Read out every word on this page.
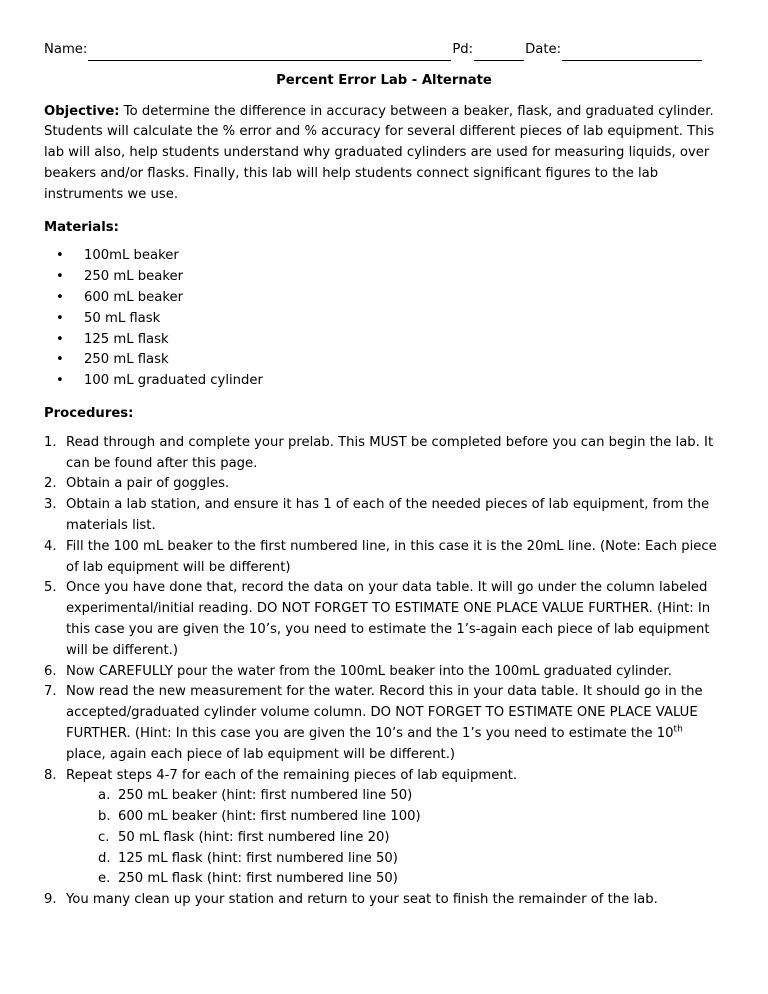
Name:	Pd:	Date:
Percent Error Lab - Alternate

Objective: To determine the difference in accuracy between a beaker, flask, and graduated cylinder. Students will calculate the % error and % accuracy for several different pieces of lab equipment. This lab will also, help students understand why graduated cylinders are used for measuring liquids, over beakers and/or flasks. Finally, this lab will help students connect significant figures to the lab instruments we use.

Materials:
• 100mL beaker
• 250 mL beaker
• 600 mL beaker
• 50 mL flask
• 125 mL flask
• 250 mL flask
• 100 mL graduated cylinder
Procedures:
1. Read through and complete your prelab. This MUST be completed before you can begin the lab. It can be found after this page.
2. Obtain a pair of goggles.
3. Obtain a lab station, and ensure it has 1 of each of the needed pieces of lab equipment, from the materials list.
4. Fill the 100 mL beaker to the first numbered line, in this case it is the 20mL line. (Note: Each piece of lab equipment will be different)
5. Once you have done that, record the data on your data table. It will go under the column labeled experimental/initial reading. DO NOT FORGET TO ESTIMATE ONE PLACE VALUE FURTHER. (Hint: In this case you are given the 10’s, you need to estimate the 1’s-again each piece of lab equipment will be different.)
6. Now CAREFULLY pour the water from the 100mL beaker into the 100mL graduated cylinder.
7. Now read the new measurement for the water. Record this in your data table. It should go in the accepted/graduated cylinder volume column. DO NOT FORGET TO ESTIMATE ONE PLACE VALUE FURTHER. (Hint: In this case you are given the 10’s and the 1’s you need to estimate the 10th place, again each piece of lab equipment will be different.)
8. Repeat steps 4-7 for each of the remaining pieces of lab equipment.
a. 250 mL beaker (hint: first numbered line 50)
b. 600 mL beaker (hint: first numbered line 100)
c. 50 mL flask (hint: first numbered line 20)
d. 125 mL flask (hint: first numbered line 50)
e. 250 mL flask (hint: first numbered line 50)
9. You many clean up your station and return to your seat to finish the remainder of the lab.
